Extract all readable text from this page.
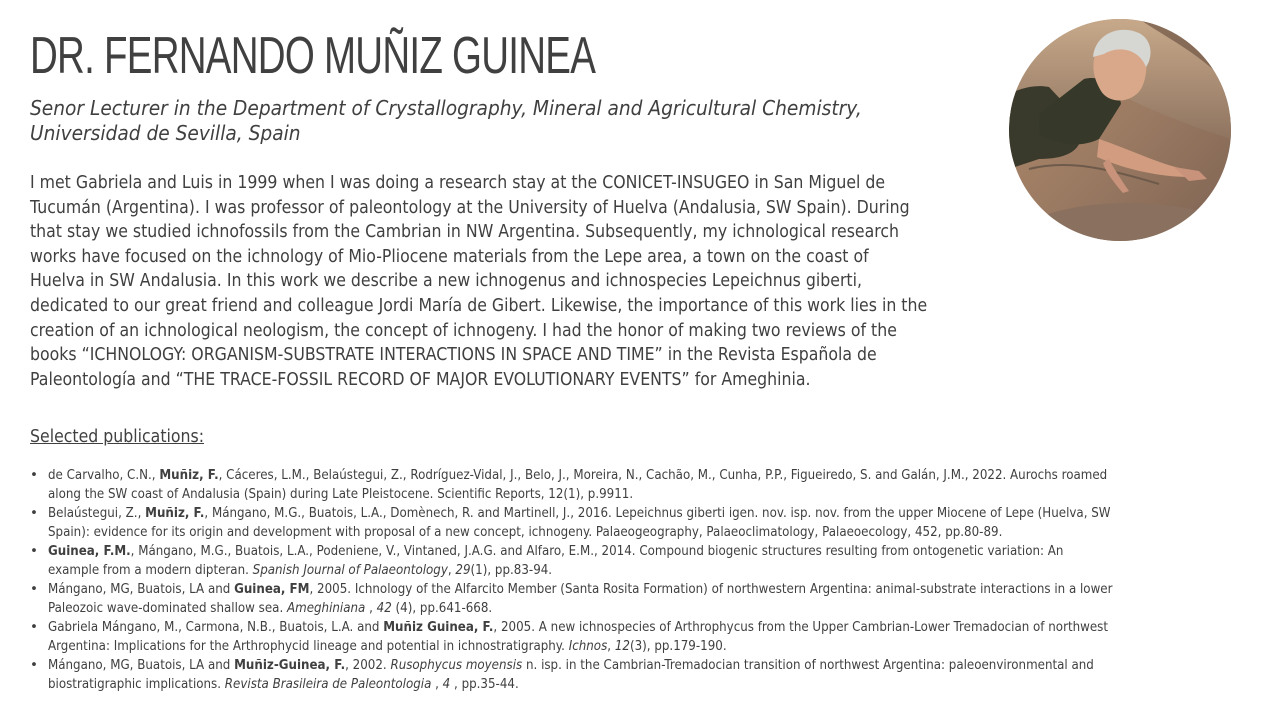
DR. FERNANDO MUÑIZ GUINEA
Senor Lecturer in the Department of Crystallography, Mineral and Agricultural Chemistry,
Universidad de Sevilla, Spain
I met Gabriela and Luis in 1999 when I was doing a research stay at the CONICET-INSUGEO in San Miguel de
Tucumán (Argentina). I was professor of paleontology at the University of Huelva (Andalusia, SW Spain). During
that stay we studied ichnofossils from the Cambrian in NW Argentina. Subsequently, my ichnological research
works have focused on the ichnology of Mio-Pliocene materials from the Lepe area, a town on the coast of
Huelva in SW Andalusia. In this work we describe a new ichnogenus and ichnospecies Lepeichnus giberti,
dedicated to our great friend and colleague Jordi María de Gibert. Likewise, the importance of this work lies in the
creation of an ichnological neologism, the concept of ichnogeny. I had the honor of making two reviews of the
books “ICHNOLOGY: ORGANISM-SUBSTRATE INTERACTIONS IN SPACE AND TIME” in the Revista Española de
Paleontología and “THE TRACE-FOSSIL RECORD OF MAJOR EVOLUTIONARY EVENTS” for Ameghinia.
Selected publications:
• de Carvalho, C.N., Muñiz, F., Cáceres, L.M., Belaústegui, Z., Rodríguez-Vidal, J., Belo, J., Moreira, N., Cachão, M., Cunha, P.P., Figueiredo, S. and Galán, J.M., 2022. Aurochs roamed
along the SW coast of Andalusia (Spain) during Late Pleistocene. Scientific Reports, 12(1), p.9911.
• Belaústegui, Z., Muñiz, F., Mángano, M.G., Buatois, L.A., Domènech, R. and Martinell, J., 2016. Lepeichnus giberti igen. nov. isp. nov. from the upper Miocene of Lepe (Huelva, SW
Spain): evidence for its origin and development with proposal of a new concept, ichnogeny. Palaeogeography, Palaeoclimatology, Palaeoecology, 452, pp.80-89.
• Guinea, F.M., Mángano, M.G., Buatois, L.A., Podeniene, V., Vintaned, J.A.G. and Alfaro, E.M., 2014. Compound biogenic structures resulting from ontogenetic variation: An
example from a modern dipteran. Spanish Journal of Palaeontology, 29(1), pp.83-94.
• Mángano, MG, Buatois, LA and Guinea, FM, 2005. Ichnology of the Alfarcito Member (Santa Rosita Formation) of northwestern Argentina: animal-substrate interactions in a lower
Paleozoic wave-dominated shallow sea. Ameghiniana , 42 (4), pp.641-668.
• Gabriela Mángano, M., Carmona, N.B., Buatois, L.A. and Muñiz Guinea, F., 2005. A new ichnospecies of Arthrophycus from the Upper Cambrian-Lower Tremadocian of northwest
Argentina: Implications for the Arthrophycid lineage and potential in ichnostratigraphy. Ichnos, 12(3), pp.179-190.
• Mángano, MG, Buatois, LA and Muñiz-Guinea, F., 2002. Rusophycus moyensis n. isp. in the Cambrian-Tremadocian transition of northwest Argentina: paleoenvironmental and
biostratigraphic implications. Revista Brasileira de Paleontologia , 4 , pp.35-44.
